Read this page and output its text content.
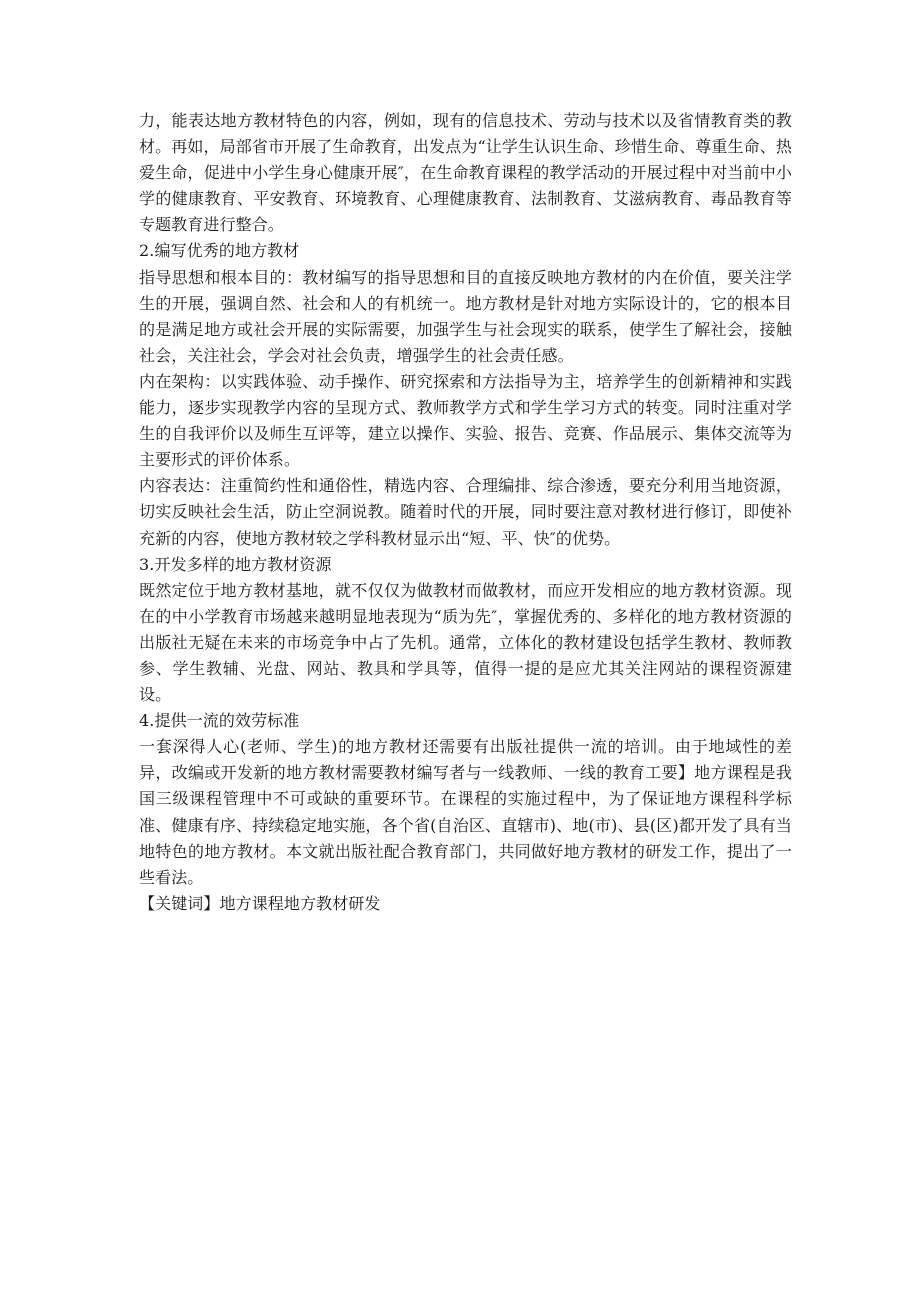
力，能表达地方教材特色的内容，例如，现有的信息技术、劳动与技术以及省情教育类的教材。再如，局部省市开展了生命教育，出发点为“让学生认识生命、珍惜生命、尊重生命、热爱生命，促进中小学生身心健康开展″，在生命教育课程的教学活动的开展过程中对当前中小学的健康教育、平安教育、环境教育、心理健康教育、法制教育、艾滋病教育、毒品教育等专题教育进行整合。

2.编写优秀的地方教材

指导思想和根本目的：教材编写的指导思想和目的直接反映地方教材的内在价值，要关注学生的开展，强调自然、社会和人的有机统一。地方教材是针对地方实际设计的，它的根本目的是满足地方或社会开展的实际需要，加强学生与社会现实的联系，使学生了解社会，接触社会，关注社会，学会对社会负责，增强学生的社会责任感。

内在架构：以实践体验、动手操作、研究探索和方法指导为主，培养学生的创新精神和实践能力，逐步实现教学内容的呈现方式、教师教学方式和学生学习方式的转变。同时注重对学生的自我评价以及师生互评等，建立以操作、实验、报告、竞赛、作品展示、集体交流等为主要形式的评价体系。

内容表达：注重简约性和通俗性，精选内容、合理编排、综合渗透，要充分利用当地资源，切实反映社会生活，防止空洞说教。随着时代的开展，同时要注意对教材进行修订，即使补充新的内容，使地方教材较之学科教材显示出“短、平、快″的优势。

3.开发多样的地方教材资源

既然定位于地方教材基地，就不仅仅为做教材而做教材，而应开发相应的地方教材资源。现在的中小学教育市场越来越明显地表现为“质为先″，掌握优秀的、多样化的地方教材资源的出版社无疑在未来的市场竞争中占了先机。通常，立体化的教材建设包括学生教材、教师教参、学生教辅、光盘、网站、教具和学具等，值得一提的是应尤其关注网站的课程资源建设。

4.提供一流的效劳标准

一套深得人心(老师、学生)的地方教材还需要有出版社提供一流的培训。由于地域性的差异，改编或开发新的地方教材需要教材编写者与一线教师、一线的教育工要】地方课程是我国三级课程管理中不可或缺的重要环节。在课程的实施过程中，为了保证地方课程科学标准、健康有序、持续稳定地实施，各个省(自治区、直辖市)、地(市)、县(区)都开发了具有当地特色的地方教材。本文就出版社配合教育部门，共同做好地方教材的研发工作，提出了一些看法。

【关键词】地方课程地方教材研发
